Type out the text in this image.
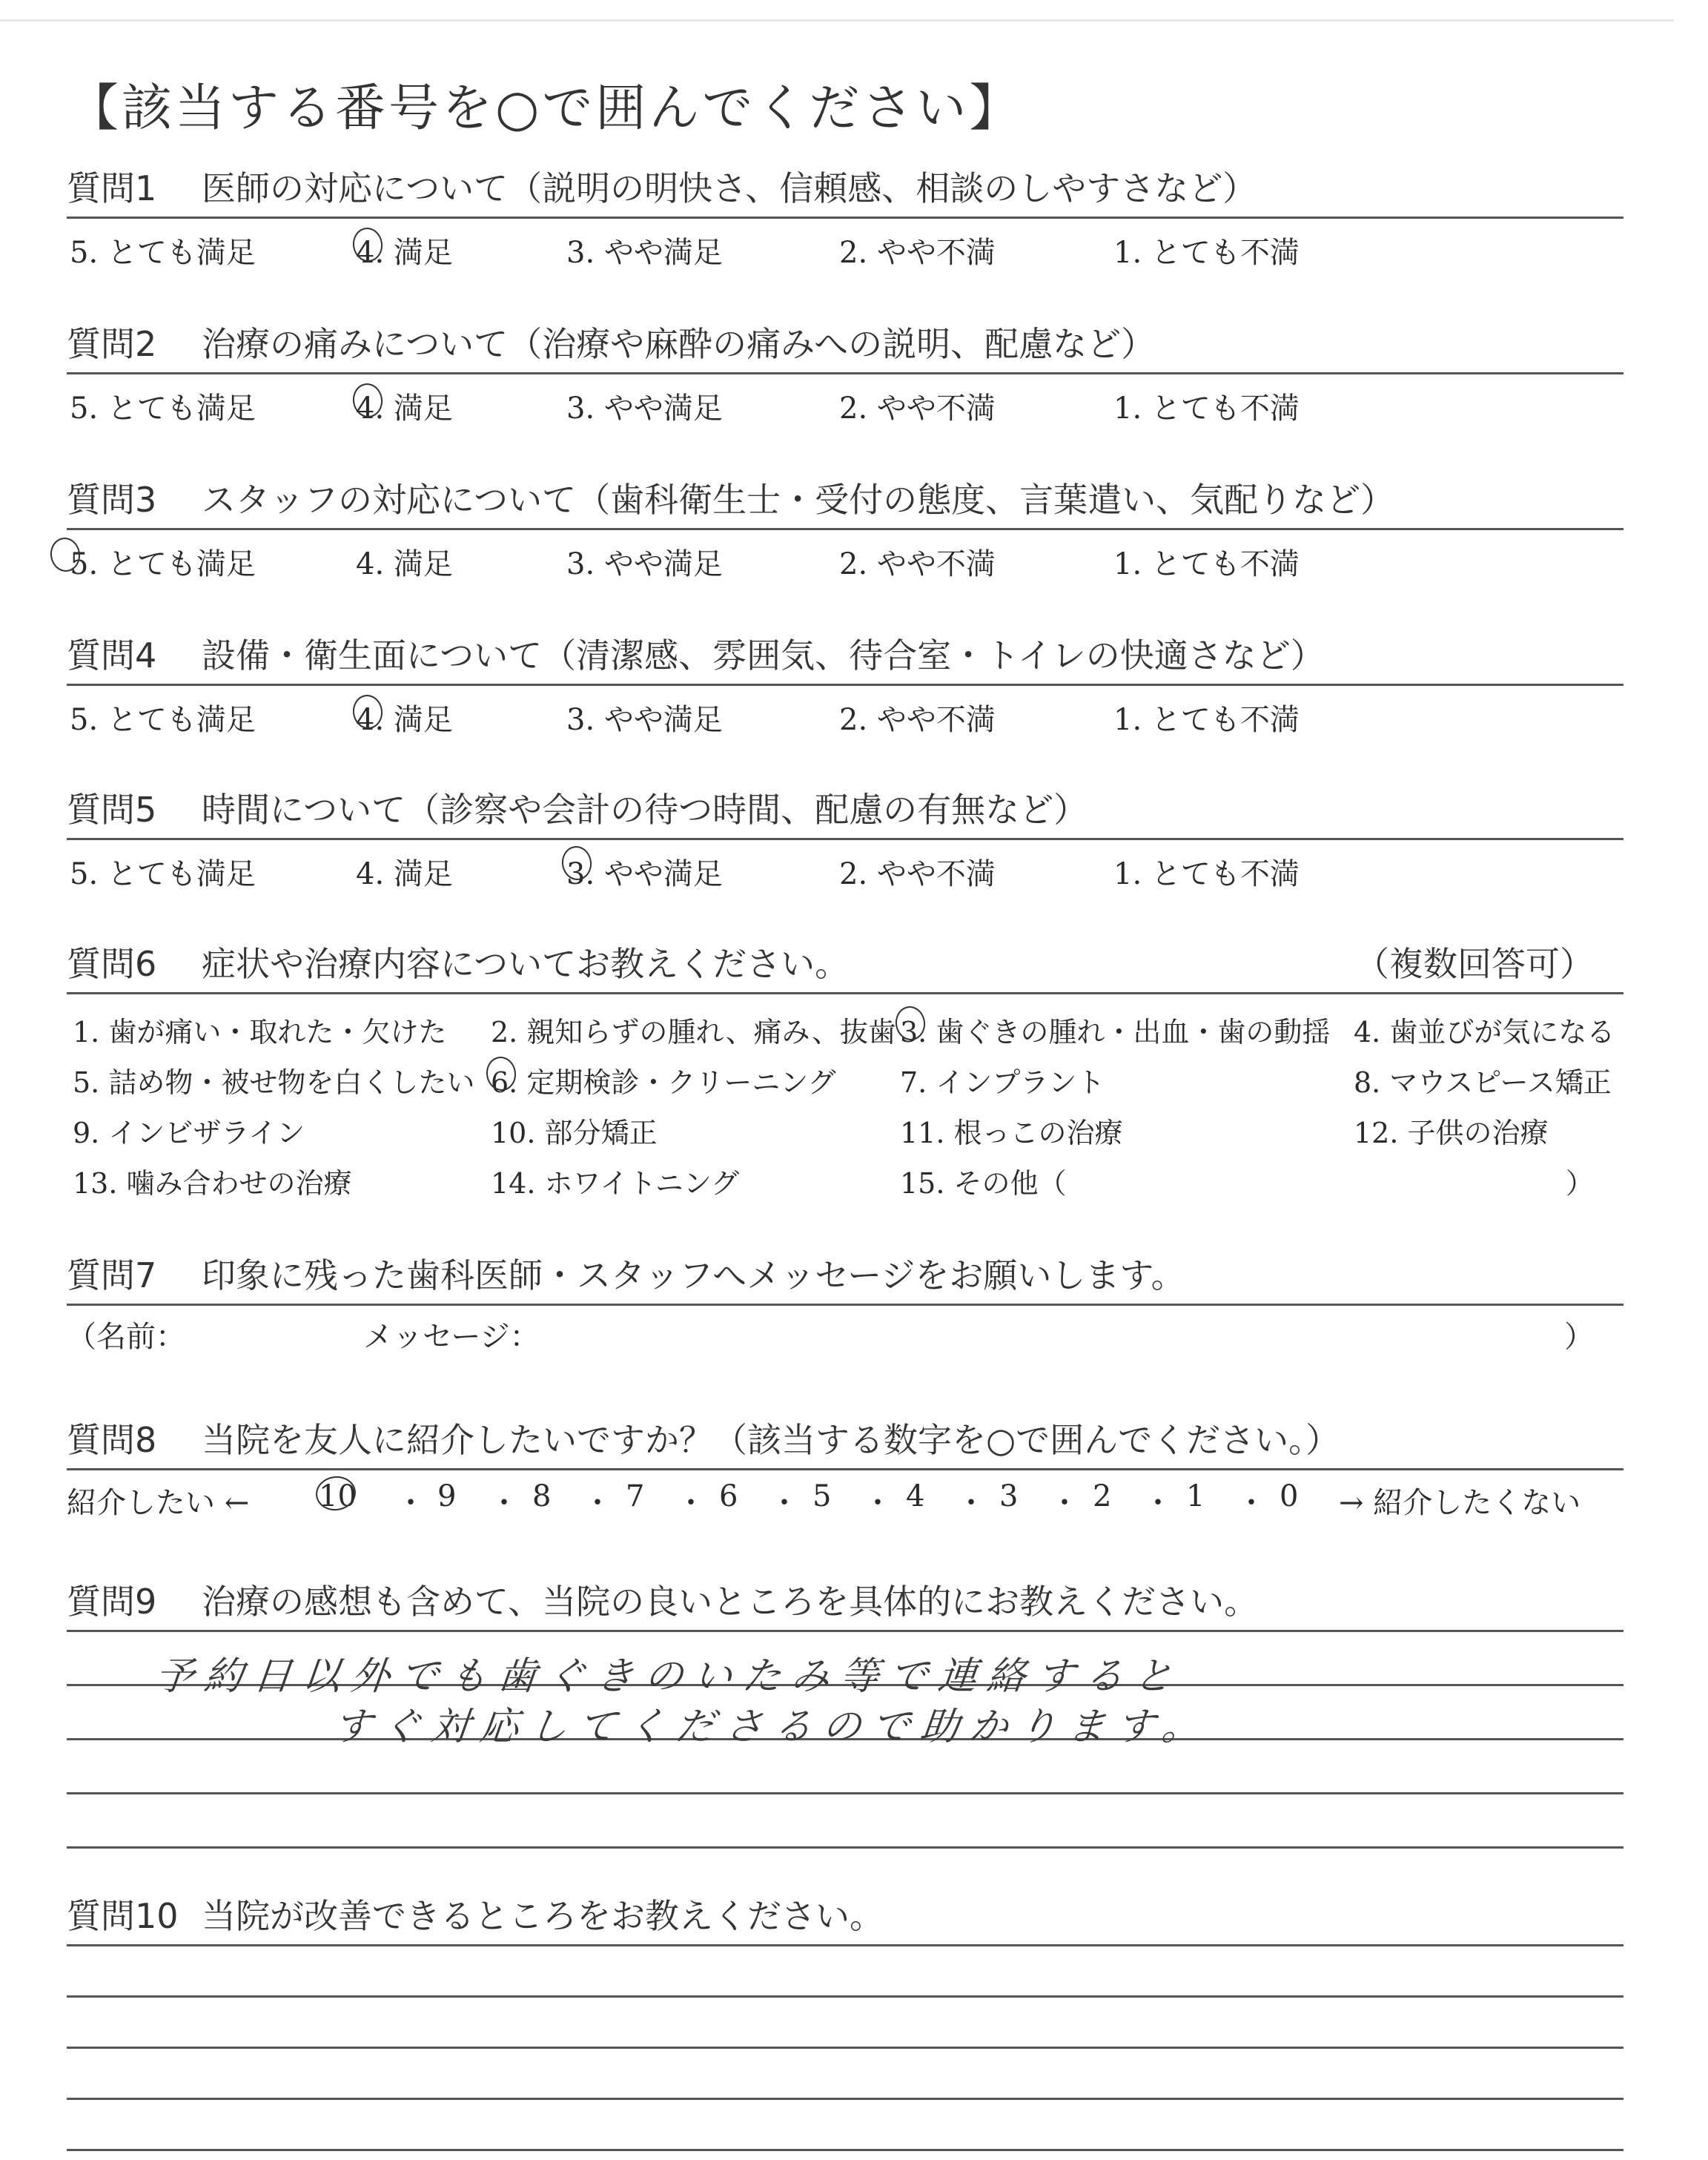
【該当する番号を○で囲んでください】
質問1 医師の対応について（説明の明快さ、信頼感、相談のしやすさなど）
5. とても満足	4. 満足	3. やや満足	2. やや不満	1. とても不満
質問2 治療の痛みについて（治療や麻酔の痛みへの説明、配慮など）
5. とても満足	4. 満足	3. やや満足	2. やや不満	1. とても不満
質問3 スタッフの対応について（歯科衛生士・受付の態度、言葉遣い、気配りなど）
5. とても満足	4. 満足	3. やや満足	2. やや不満	1. とても不満
質問4 設備・衛生面について（清潔感、雰囲気、待合室・トイレの快適さなど）
5. とても満足	4. 満足	3. やや満足	2. やや不満	1. とても不満
質問5 時間について（診察や会計の待つ時間、配慮の有無など）
5. とても満足	4. 満足	3. やや満足	2. やや不満	1. とても不満
質問6 症状や治療内容についてお教えください。	（複数回答可）
1. 歯が痛い・取れた・欠けた 2. 親知らずの腫れ、痛み、抜歯 3. 歯ぐきの腫れ・出血・歯の動揺 4. 歯並びが気になる
5. 詰め物・被せ物を白くしたい 6. 定期検診・クリーニング 7. インプラント	8. マウスピース矯正
9. インビザライン	10. 部分矯正	11. 根っこの治療	12. 子供の治療
13. 噛み合わせの治療	14. ホワイトニング	15. その他（	）
質問7 印象に残った歯科医師・スタッフへメッセージをお願いします。
（名前：	メッセージ：	）
質問8 当院を友人に紹介したいですか？（該当する数字を○で囲んでください。）
紹介したい ← 10 ・ 9 ・ 8 ・ 7 ・ 6 ・ 5 ・ 4 ・ 3 ・ 2 ・ 1 ・ 0 → 紹介したくない
質問9 治療の感想も含めて、当院の良いところを具体的にお教えください。
予約日以外でも歯ぐきのいたみ等で連絡すると
すぐ対応してくださるので助かります。
質問10 当院が改善できるところをお教えください。
